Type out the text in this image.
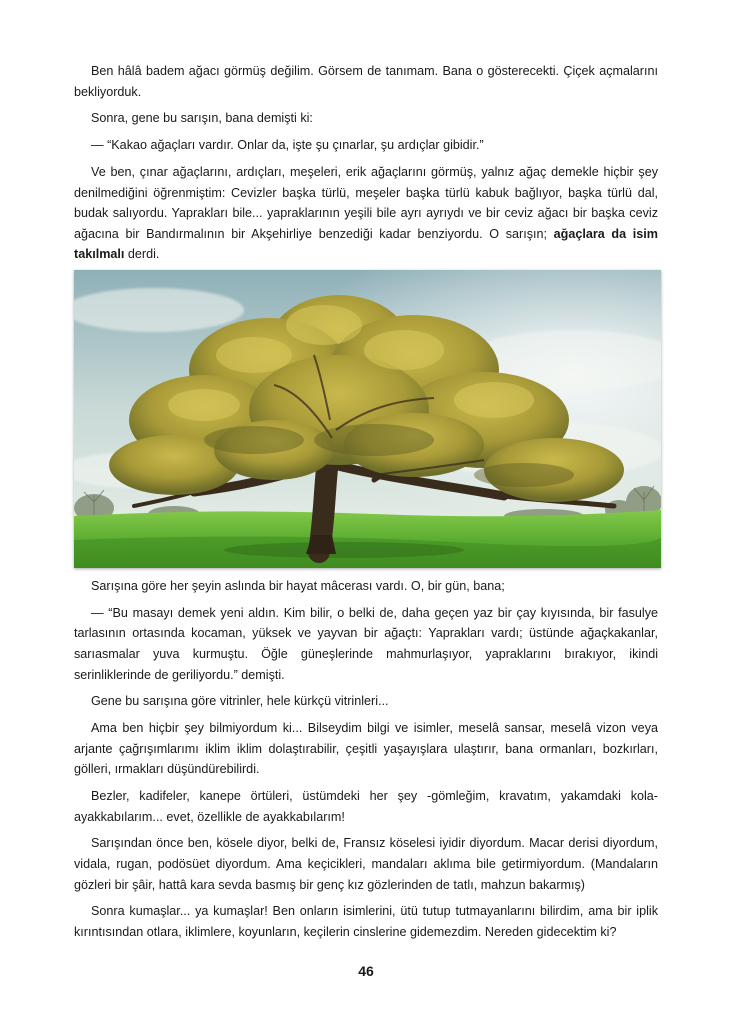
Ben hâlâ badem ağacı görmüş değilim. Görsem de tanımam. Bana o gösterecekti. Çiçek açmalarını bekliyorduk.

Sonra, gene bu sarışın, bana demişti ki:

— “Kakao ağaçları vardır. Onlar da, işte şu çınarlar, şu ardıçlar gibidir.”

Ve ben, çınar ağaçlarını, ardıçları, meşeleri, erik ağaçlarını görmüş, yalnız ağaç demekle hiçbir şey denilmediğini öğrenmiştim: Cevizler başka türlü, meşeler başka türlü kabuk bağlıyor, başka türlü dal, budak salıyordu. Yaprakları bile... yapraklarının yeşili bile ayrı ayrıydı ve bir ceviz ağacı bir başka ceviz ağacına bir Bandırmalının bir Akşehirliye benzediği kadar benziyordu. O sarışın; ağaçlara da isim takılmalı derdi.

Sarışına göre her şeyin aslında bir hayat mâcerası vardı. O, bir gün, bana;

— “Bu masayı demek yeni aldın. Kim bilir, o belki de, daha geçen yaz bir çay kıyısında, bir fasulye tarlasının ortasında kocaman, yüksek ve yayvan bir ağaçtı: Yaprakları vardı; üstünde ağaçkakanlar, sarıasmalar yuva kurmuştu. Öğle güneşlerinde mahmurlaşıyor, yapraklarını bırakıyor, ikindi serinliklerinde de geriliyordu.” demişti.

Gene bu sarışına göre vitrinler, hele kürkçü vitrinleri...

Ama ben hiçbir şey bilmiyordum ki... Bilseydim bilgi ve isimler, meselâ sansar, meselâ vizon veya arjante çağrışımlarımı iklim iklim dolaştırabilir, çeşitli yaşayışlara ulaştırır, bana ormanları, bozkırları, gölleri, ırmakları düşündürebilirdi.

Bezler, kadifeler, kanepe örtüleri, üstümdeki her şey -gömleğim, kravatım, yakamdaki kola-ayakkabılarım... evet, özellikle de ayakkabılarım!

Sarışından önce ben, kösele diyor, belki de, Fransız köselesi iyidir diyordum. Macar derisi diyordum, vidala, rugan, podösüet diyordum. Ama keçicikleri, mandaları aklıma bile getirmiyordum. (Mandaların gözleri bir şâir, hattâ kara sevda basmış bir genç kız gözlerinden de tatlı, mahzun bakarmış)

Sonra kumaşlar... ya kumaşlar! Ben onların isimlerini, ütü tutup tutmayanlarını bilirdim, ama bir iplik kırıntısından otlara, iklimlere, koyunların, keçilerin cinslerine gidemezdim. Nereden gidecektim ki?

46
